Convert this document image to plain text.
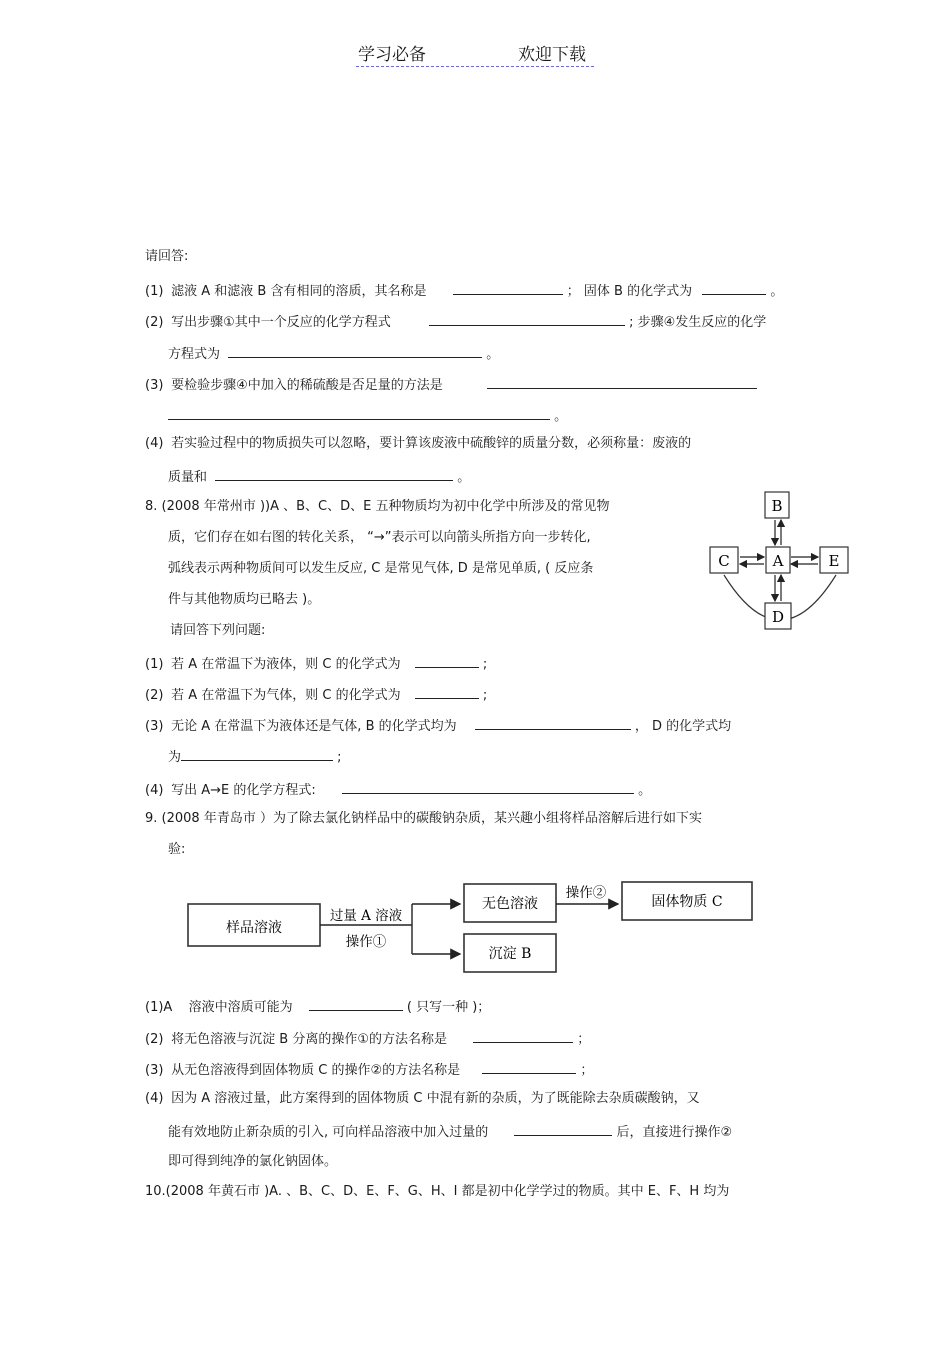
学习必备	欢迎下载
请回答:
(1) 滤液 A 和滤液 B 含有相同的溶质，其名称是	； 固体 B 的化学式为	。
(2) 写出步骤①其中一个反应的化学方程式	; 步骤④发生反应的化学
方程式为	。
(3) 要检验步骤④中加入的稀硫酸是否足量的方法是
。
(4) 若实验过程中的物质损失可以忽略，要计算该废液中硫酸锌的质量分数，必须称量：废液的
质量和	。
8. (2008 年常州市 ))A 、B、C、D、E 五种物质均为初中化学中所涉及的常见物
质，它们存在如右图的转化关系， “→”表示可以向箭头所指方向一步转化,
弧线表示两种物质间可以发生反应, C 是常见气体, D 是常见单质, ( 反应条
件与其他物质均已略去 )。
请回答下列问题:
B
C	A	E
D
(1) 若 A 在常温下为液体，则 C 的化学式为	;
(2) 若 A 在常温下为气体，则 C 的化学式为	;
(3) 无论 A 在常温下为液体还是气体, B 的化学式均为	， D 的化学式均
为	;
(4) 写出 A→E 的化学方程式:	。
9. (2008 年青岛市 ）为了除去氯化钠样品中的碳酸钠杂质，某兴趣小组将样品溶解后进行如下实
验:
样品溶液
过量 A 溶液
操作①
无色溶液
沉淀 B
操作②
固体物质 C
(1)A 溶液中溶质可能为	( 只写一种 )；
(2) 将无色溶液与沉淀 B 分离的操作①的方法名称是	；
(3) 从无色溶液得到固体物质 C 的操作②的方法名称是	；
(4) 因为 A 溶液过量，此方案得到的固体物质 C 中混有新的杂质，为了既能除去杂质碳酸钠，又
能有效地防止新杂质的引入, 可向样品溶液中加入过量的	后，直接进行操作②
即可得到纯净的氯化钠固体。
10.(2008 年黄石市 )A. 、B、C、D、E、F、G、H、I 都是初中化学学过的物质。其中 E、F、H 均为
